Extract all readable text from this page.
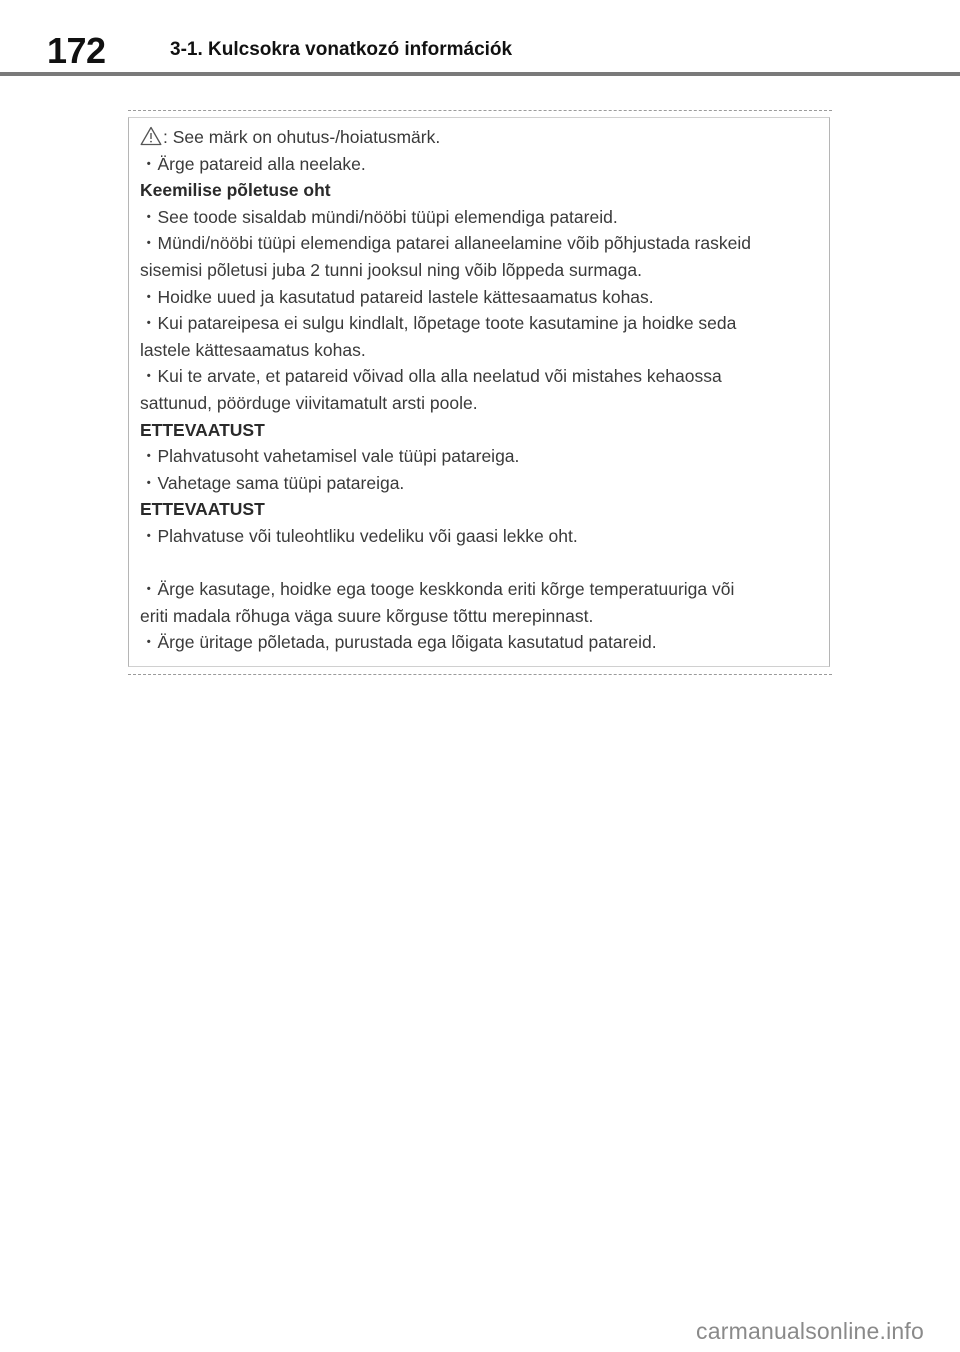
172	3-1. Kulcsokra vonatkozó információk
: See märk on ohutus-/hoiatusmärk.
・Ärge patareid alla neelake.
Keemilise põletuse oht
・See toode sisaldab mündi/nööbi tüüpi elemendiga patareid.
・Mündi/nööbi tüüpi elemendiga patarei allaneelamine võib põhjustada raskeid
sisemisi põletusi juba 2 tunni jooksul ning võib lõppeda surmaga.
・Hoidke uued ja kasutatud patareid lastele kättesaamatus kohas.
・Kui patareipesa ei sulgu kindlalt, lõpetage toote kasutamine ja hoidke seda
lastele kättesaamatus kohas.
・Kui te arvate, et patareid võivad olla alla neelatud või mistahes kehaossa
sattunud, pöörduge viivitamatult arsti poole.
ETTEVAATUST
・Plahvatusoht vahetamisel vale tüüpi patareiga.
・Vahetage sama tüüpi patareiga.
ETTEVAATUST
・Plahvatuse või tuleohtliku vedeliku või gaasi lekke oht.
・Ärge kasutage, hoidke ega tooge keskkonda eriti kõrge temperatuuriga või
eriti madala rõhuga väga suure kõrguse tõttu merepinnast.
・Ärge üritage põletada, purustada ega lõigata kasutatud patareid.
carmanualsonline.info
